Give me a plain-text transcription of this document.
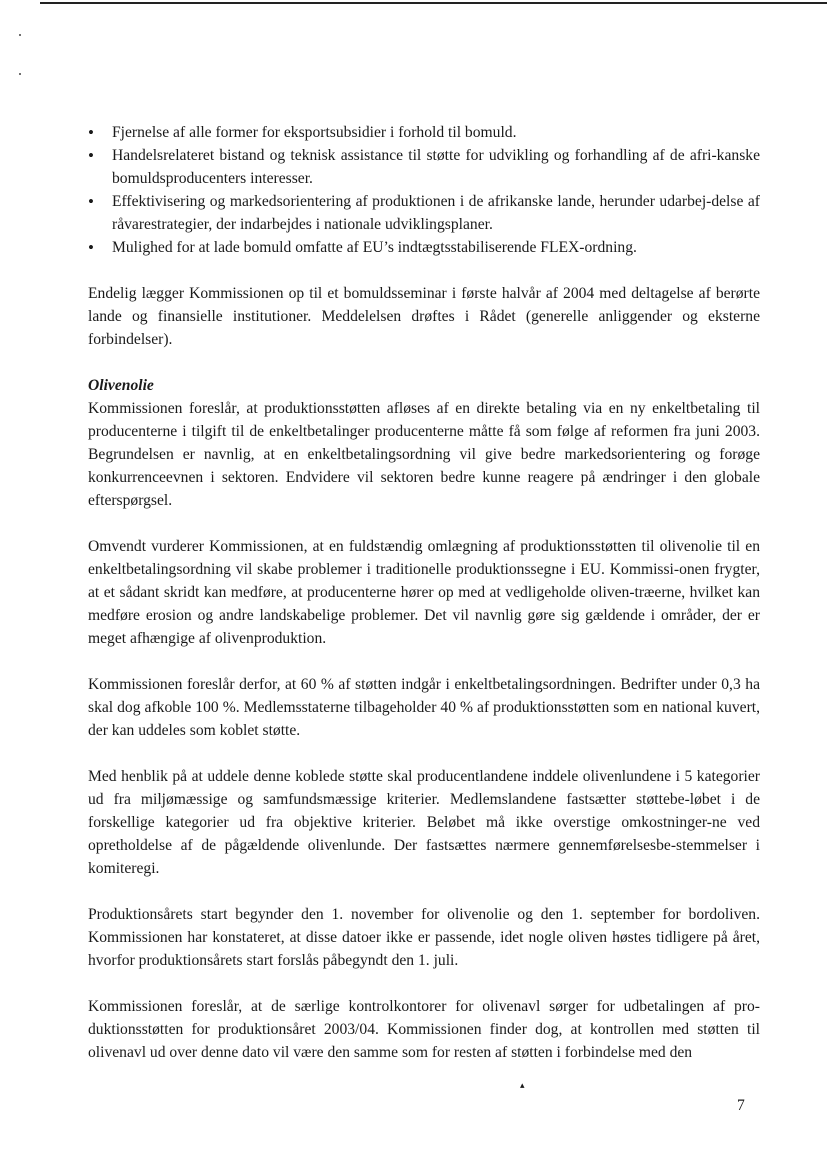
• Fjernelse af alle former for eksportsubsidier i forhold til bomuld.
• Handelsrelateret bistand og teknisk assistance til støtte for udvikling og forhandling af de afri-kanske bomuldsproducenters interesser.
• Effektivisering og markedsorientering af produktionen i de afrikanske lande, herunder udarbej-delse af råvarestrategier, der indarbejdes i nationale udviklingsplaner.
• Mulighed for at lade bomuld omfatte af EU’s indtægtsstabiliserende FLEX-ordning.

Endelig lægger Kommissionen op til et bomuldsseminar i første halvår af 2004 med deltagelse af berørte lande og finansielle institutioner. Meddelelsen drøftes i Rådet (generelle anliggender og eksterne forbindelser).

Olivenolie

Kommissionen foreslår, at produktionsstøtten afløses af en direkte betaling via en ny enkeltbetaling til producenterne i tilgift til de enkeltbetalinger producenterne måtte få som følge af reformen fra juni 2003. Begrundelsen er navnlig, at en enkeltbetalingsordning vil give bedre markedsorientering og forøge konkurrenceevnen i sektoren. Endvidere vil sektoren bedre kunne reagere på ændringer i den globale efterspørgsel.

Omvendt vurderer Kommissionen, at en fuldstændig omlægning af produktionsstøtten til olivenolie til en enkeltbetalingsordning vil skabe problemer i traditionelle produktionssegne i EU. Kommissi-onen frygter, at et sådant skridt kan medføre, at producenterne hører op med at vedligeholde oliven-træerne, hvilket kan medføre erosion og andre landskabelige problemer. Det vil navnlig gøre sig gældende i områder, der er meget afhængige af olivenproduktion.

Kommissionen foreslår derfor, at 60 % af støtten indgår i enkeltbetalingsordningen. Bedrifter under 0,3 ha skal dog afkoble 100 %. Medlemsstaterne tilbageholder 40 % af produktionsstøtten som en national kuvert, der kan uddeles som koblet støtte.

Med henblik på at uddele denne koblede støtte skal producentlandene inddele olivenlundene i 5 kategorier ud fra miljømæssige og samfundsmæssige kriterier. Medlemslandene fastsætter støttebe-løbet i de forskellige kategorier ud fra objektive kriterier. Beløbet må ikke overstige omkostninger-ne ved opretholdelse af de pågældende olivenlunde. Der fastsættes nærmere gennemførelsesbe-stemmelser i komiteregi.

Produktionsårets start begynder den 1. november for olivenolie og den 1. september for bordoliven. Kommissionen har konstateret, at disse datoer ikke er passende, idet nogle oliven høstes tidligere på året, hvorfor produktionsårets start forslås påbegyndt den 1. juli.

Kommissionen foreslår, at de særlige kontrolkontorer for olivenavl sørger for udbetalingen af pro-duktionsstøtten for produktionsåret 2003/04. Kommissionen finder dog, at kontrollen med støtten til olivenavl ud over denne dato vil være den samme som for resten af støtten i forbindelse med den

▴
7
